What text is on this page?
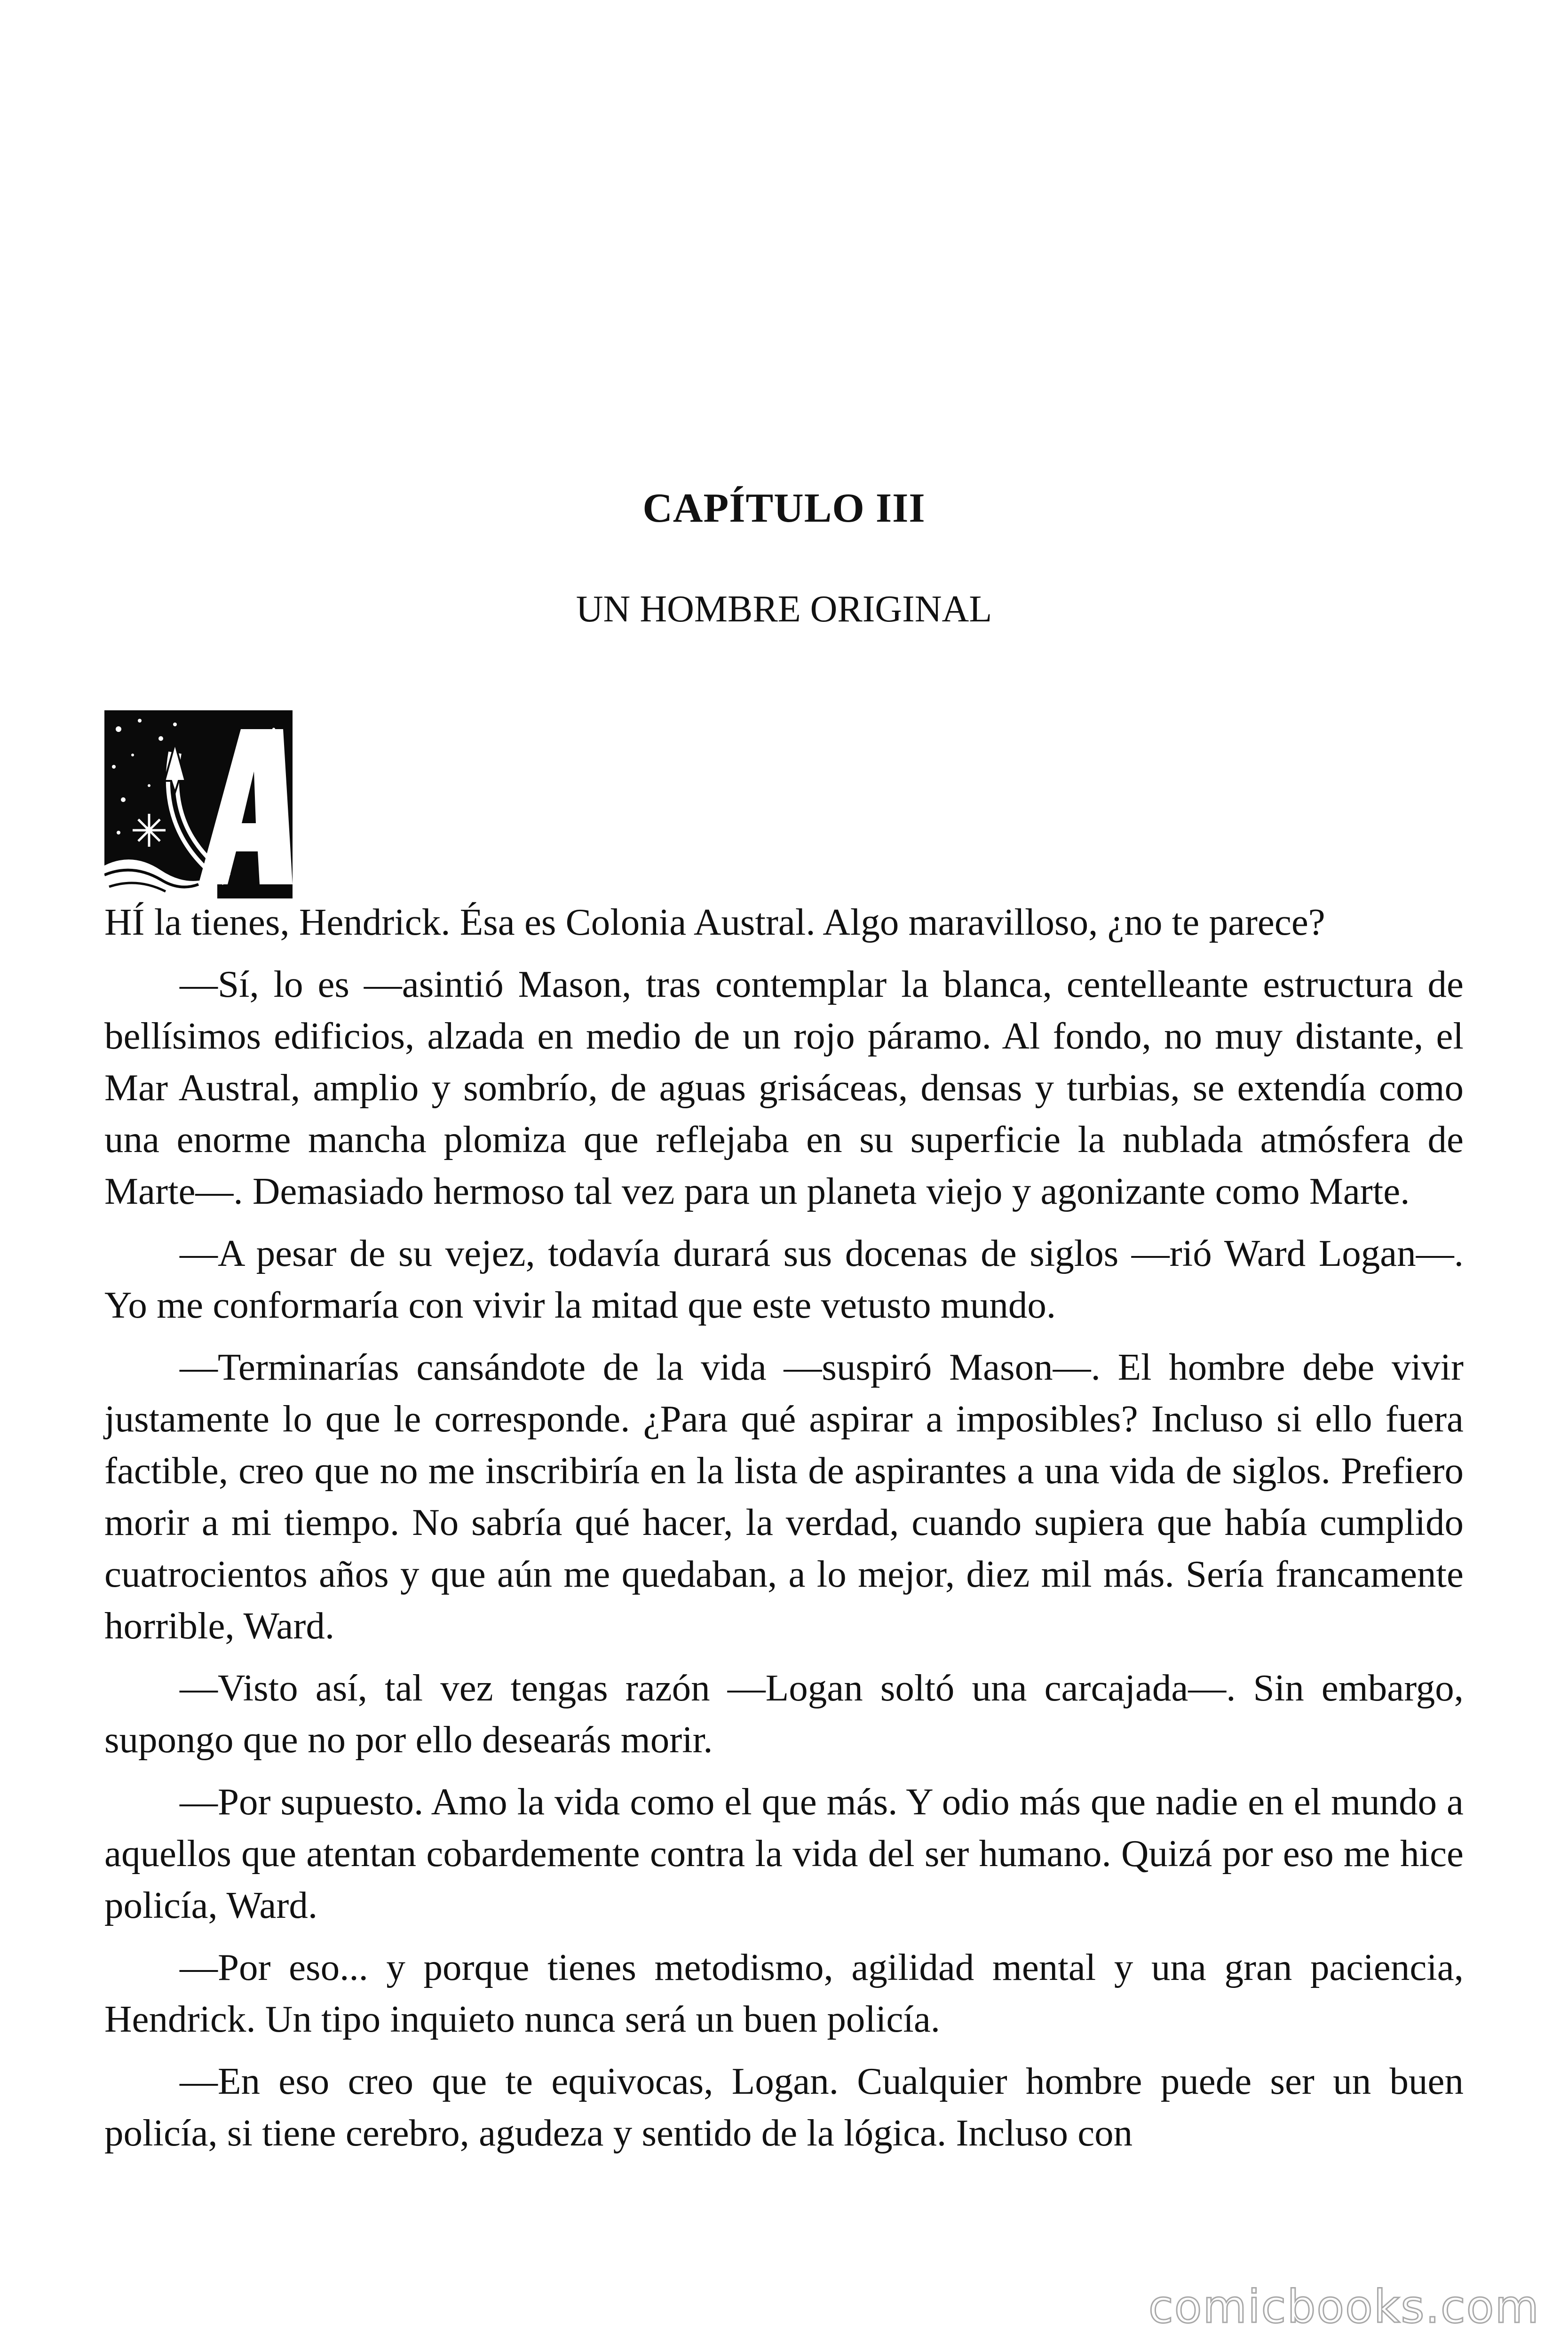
CAPÍTULO III
UN HOMBRE ORIGINAL

HÍ la tienes, Hendrick. Ésa es Colonia Austral. Algo maravilloso, ¿no te parece?

—Sí, lo es —asintió Mason, tras contemplar la blanca, centelleante estructura de bellísimos edificios, alzada en medio de un rojo páramo. Al fondo, no muy distante, el Mar Austral, amplio y sombrío, de aguas grisáceas, densas y turbias, se extendía como una enorme mancha plomiza que reflejaba en su superficie la nublada atmósfera de Marte—. Demasiado hermoso tal vez para un planeta viejo y agonizante como Marte.

—A pesar de su vejez, todavía durará sus docenas de siglos —rió Ward Logan—. Yo me conformaría con vivir la mitad que este vetusto mundo.

—Terminarías cansándote de la vida —suspiró Mason—. El hombre debe vivir justamente lo que le corresponde. ¿Para qué aspirar a imposibles? Incluso si ello fuera factible, creo que no me inscribiría en la lista de aspirantes a una vida de siglos. Prefiero morir a mi tiempo. No sabría qué hacer, la verdad, cuando supiera que había cumplido cuatrocientos años y que aún me quedaban, a lo mejor, diez mil más. Sería francamente horrible, Ward.

—Visto así, tal vez tengas razón —Logan soltó una carcajada—. Sin embargo, supongo que no por ello desearás morir.

—Por supuesto. Amo la vida como el que más. Y odio más que nadie en el mundo a aquellos que atentan cobardemente contra la vida del ser humano. Quizá por eso me hice policía, Ward.

—Por eso... y porque tienes metodismo, agilidad mental y una gran paciencia, Hendrick. Un tipo inquieto nunca será un buen policía.

—En eso creo que te equivocas, Logan. Cualquier hombre puede ser un buen policía, si tiene cerebro, agudeza y sentido de la lógica. Incluso con

comicbooks.com
